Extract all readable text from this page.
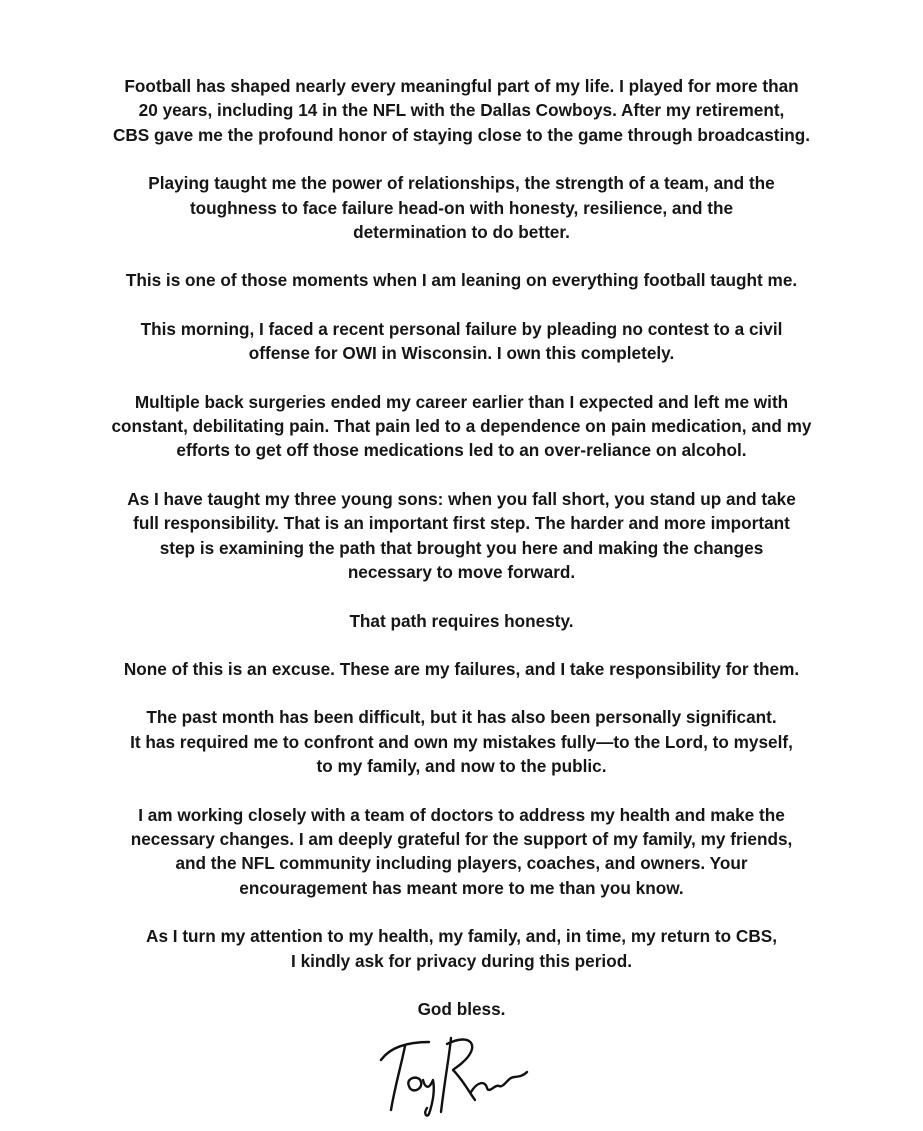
Football has shaped nearly every meaningful part of my life. I played for more than
20 years, including 14 in the NFL with the Dallas Cowboys. After my retirement,
CBS gave me the profound honor of staying close to the game through broadcasting.

Playing taught me the power of relationships, the strength of a team, and the
toughness to face failure head-on with honesty, resilience, and the
determination to do better.

This is one of those moments when I am leaning on everything football taught me.

This morning, I faced a recent personal failure by pleading no contest to a civil
offense for OWI in Wisconsin. I own this completely.

Multiple back surgeries ended my career earlier than I expected and left me with
constant, debilitating pain. That pain led to a dependence on pain medication, and my
efforts to get off those medications led to an over-reliance on alcohol.

As I have taught my three young sons: when you fall short, you stand up and take
full responsibility. That is an important first step. The harder and more important
step is examining the path that brought you here and making the changes
necessary to move forward.

That path requires honesty.

None of this is an excuse. These are my failures, and I take responsibility for them.

The past month has been difficult, but it has also been personally significant.
It has required me to confront and own my mistakes fully—to the Lord, to myself,
to my family, and now to the public.

I am working closely with a team of doctors to address my health and make the
necessary changes. I am deeply grateful for the support of my family, my friends,
and the NFL community including players, coaches, and owners. Your
encouragement has meant more to me than you know.

As I turn my attention to my health, my family, and, in time, my return to CBS,
I kindly ask for privacy during this period.

God bless.
